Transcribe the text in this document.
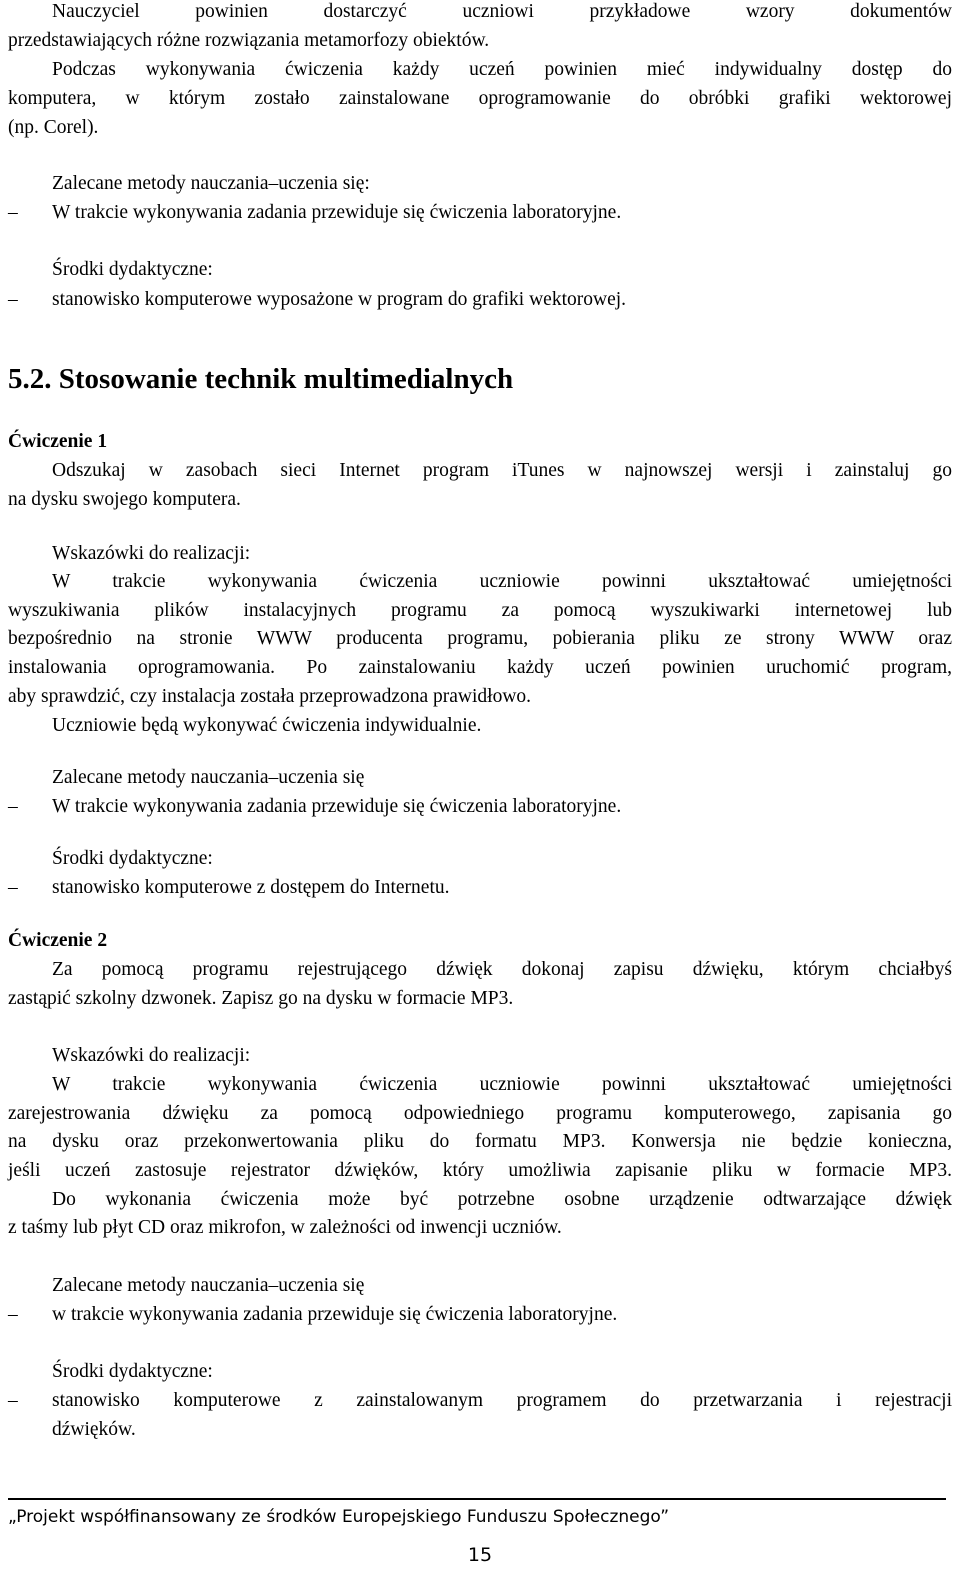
Nauczyciel powinien dostarczyć uczniowi przykładowe wzory dokumentów
przedstawiających różne rozwiązania metamorfozy obiektów.
Podczas wykonywania ćwiczenia każdy uczeń powinien mieć indywidualny dostęp do
komputera, w którym zostało zainstalowane oprogramowanie do obróbki grafiki wektorowej
(np. Corel).
Zalecane metody nauczania–uczenia się:
– W trakcie wykonywania zadania przewiduje się ćwiczenia laboratoryjne.
Środki dydaktyczne:
– stanowisko komputerowe wyposażone w program do grafiki wektorowej.
5.2. Stosowanie technik multimedialnych
Ćwiczenie 1
Odszukaj w zasobach sieci Internet program iTunes w najnowszej wersji i zainstaluj go
na dysku swojego komputera.
Wskazówki do realizacji:
W trakcie wykonywania ćwiczenia uczniowie powinni ukształtować umiejętności
wyszukiwania plików instalacyjnych programu za pomocą wyszukiwarki internetowej lub
bezpośrednio na stronie WWW producenta programu, pobierania pliku ze strony WWW oraz
instalowania oprogramowania. Po zainstalowaniu każdy uczeń powinien uruchomić program,
aby sprawdzić, czy instalacja została przeprowadzona prawidłowo.
Uczniowie będą wykonywać ćwiczenia indywidualnie.
Zalecane metody nauczania–uczenia się
– W trakcie wykonywania zadania przewiduje się ćwiczenia laboratoryjne.
Środki dydaktyczne:
– stanowisko komputerowe z dostępem do Internetu.
Ćwiczenie 2
Za pomocą programu rejestrującego dźwięk dokonaj zapisu dźwięku, którym chciałbyś
zastąpić szkolny dzwonek. Zapisz go na dysku w formacie MP3.
Wskazówki do realizacji:
W trakcie wykonywania ćwiczenia uczniowie powinni ukształtować umiejętności
zarejestrowania dźwięku za pomocą odpowiedniego programu komputerowego, zapisania go
na dysku oraz przekonwertowania pliku do formatu MP3. Konwersja nie będzie konieczna,
jeśli uczeń zastosuje rejestrator dźwięków, który umożliwia zapisanie pliku w formacie MP3.
Do wykonania ćwiczenia może być potrzebne osobne urządzenie odtwarzające dźwięk
z taśmy lub płyt CD oraz mikrofon, w zależności od inwencji uczniów.
Zalecane metody nauczania–uczenia się
– w trakcie wykonywania zadania przewiduje się ćwiczenia laboratoryjne.
Środki dydaktyczne:
– stanowisko komputerowe z zainstalowanym programem do przetwarzania i rejestracji
dźwięków.
„Projekt współfinansowany ze środków Europejskiego Funduszu Społecznego”
15
